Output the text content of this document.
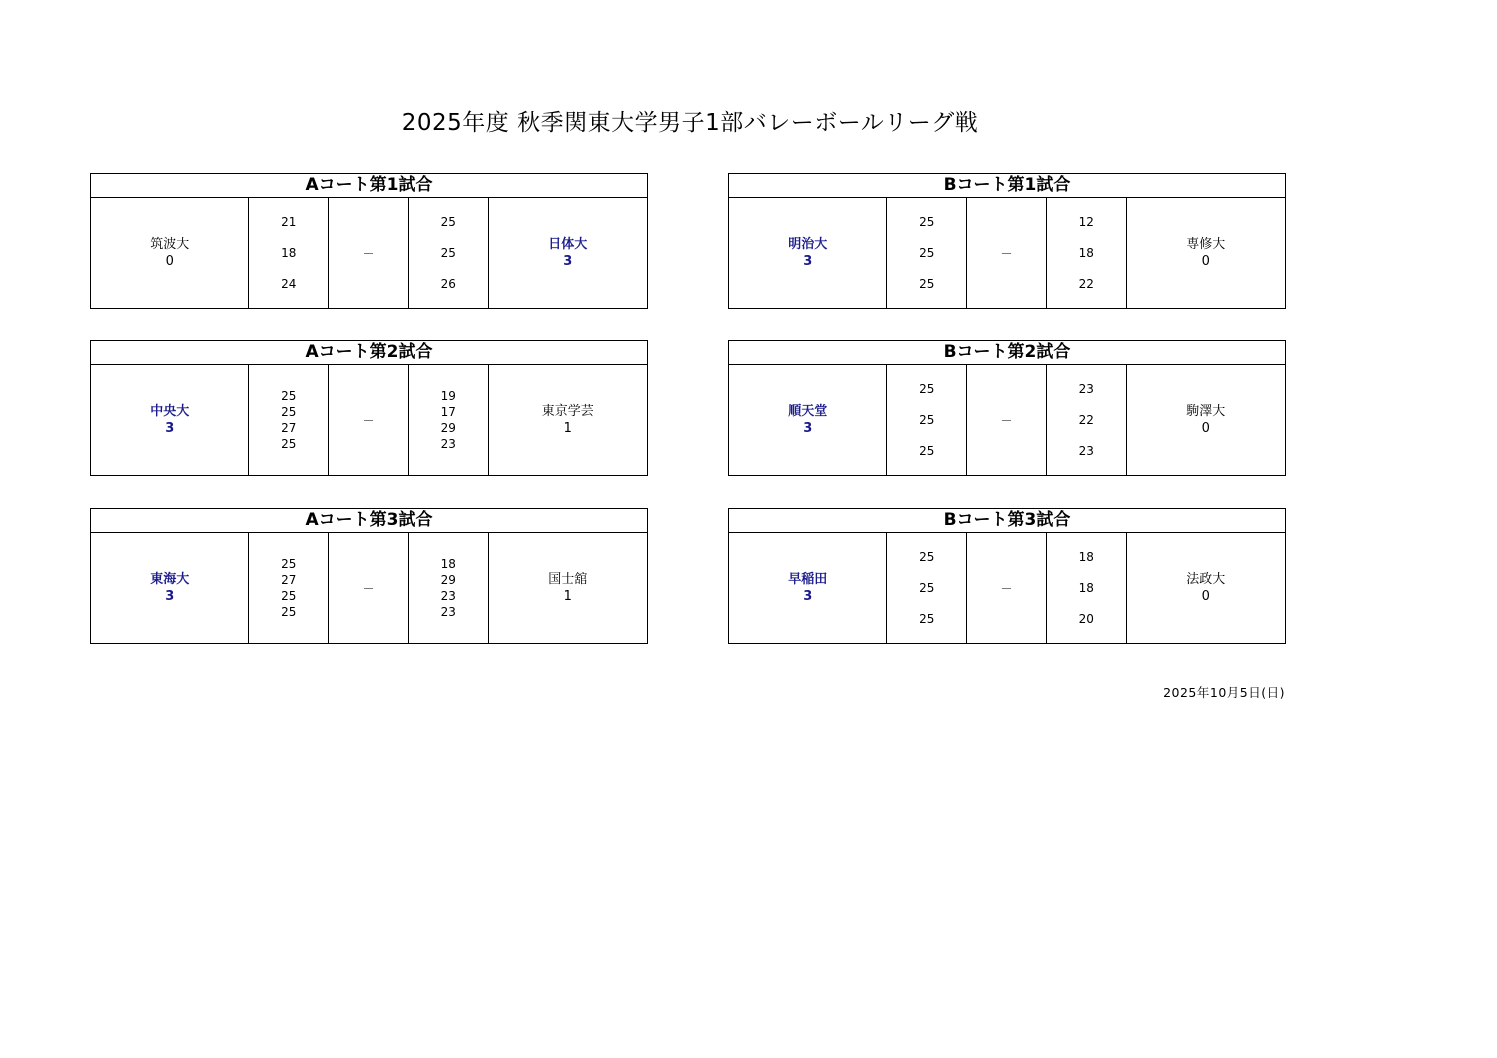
2025年度 秋季関東大学男子1部バレーボールリーグ戦
Aコート第1試合
筑波大
0
21
18
24
－
25
25
26
日体大
3
Bコート第1試合
明治大
3
25
25
25
－
12
18
22
専修大
0
Aコート第2試合
中央大
3
25
25
27
25
－
19
17
29
23
東京学芸
1
Bコート第2試合
順天堂
3
25
25
25
－
23
22
23
駒澤大
0
Aコート第3試合
東海大
3
25
27
25
25
－
18
29
23
23
国士舘
1
Bコート第3試合
早稲田
3
25
25
25
－
18
18
20
法政大
0
2025年10月5日(日)
